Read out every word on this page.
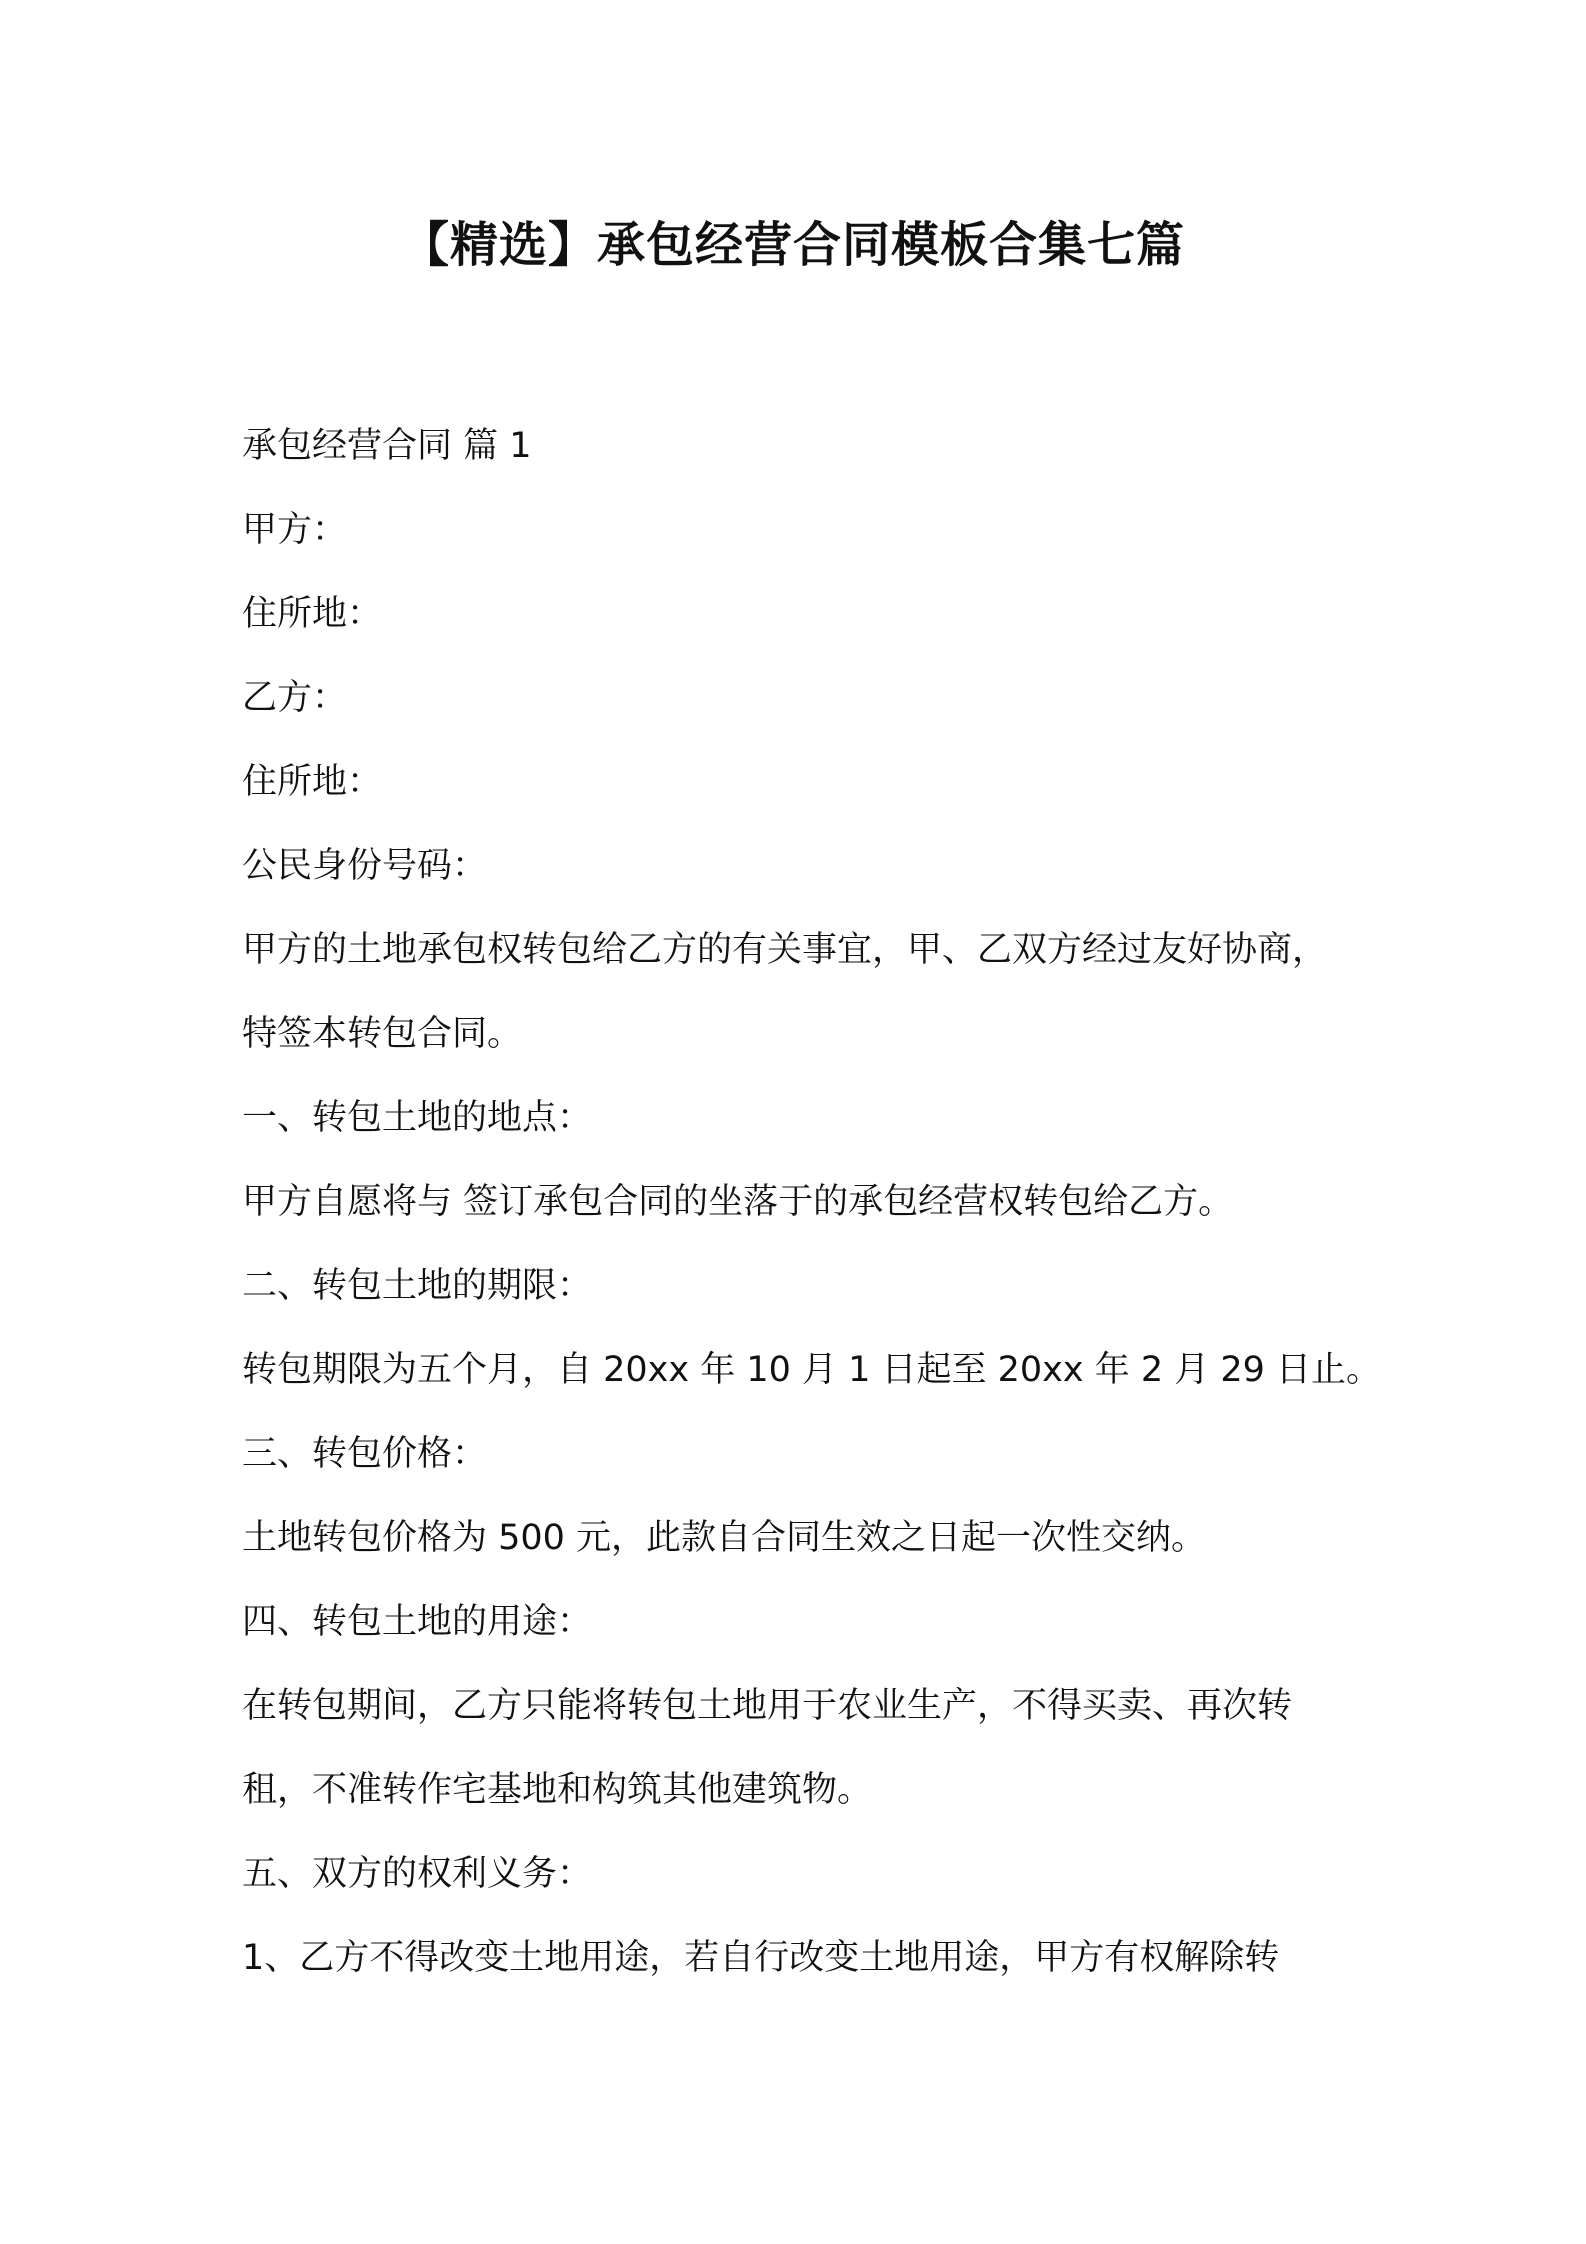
【精选】承包经营合同模板合集七篇

承包经营合同 篇 1

甲方：

住所地：

乙方：

住所地：

公民身份号码：

甲方的土地承包权转包给乙方的有关事宜，甲、乙双方经过友好协商，

特签本转包合同。

一、转包土地的地点：

甲方自愿将与 签订承包合同的坐落于的承包经营权转包给乙方。

二、转包土地的期限：

转包期限为五个月，自 20xx 年 10 月 1 日起至 20xx 年 2 月 29 日止。

三、转包价格：

土地转包价格为 500 元，此款自合同生效之日起一次性交纳。

四、转包土地的用途：

在转包期间，乙方只能将转包土地用于农业生产，不得买卖、再次转

租，不准转作宅基地和构筑其他建筑物。

五、双方的权利义务：

1、乙方不得改变土地用途，若自行改变土地用途，甲方有权解除转
